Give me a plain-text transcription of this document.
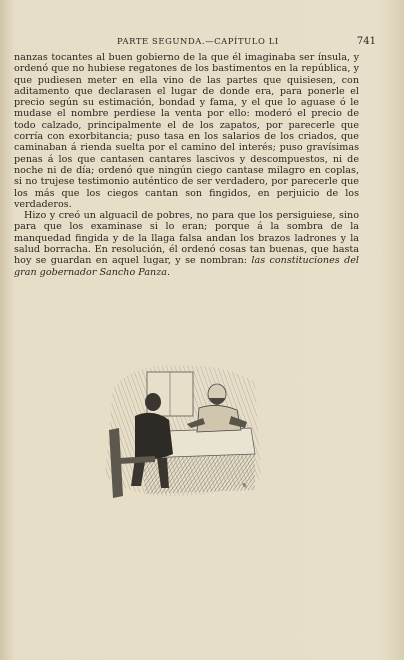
PARTE SEGUNDA.—CAPÍTULO LI	741

nanzas tocantes al buen gobierno de la que él imaginaba ser ínsula, y ordenó que no hubiese regatones de los bastimentos en la república, y que pudiesen meter en ella vino de las partes que quisiesen, con aditamento que declarasen el lugar de donde era, para ponerle el precio según su estimación, bondad y fama, y el que lo aguase ó le mudase el nombre perdiese la venta por ello: moderó el precio de todo calzado, principalmente el de los zapatos, por parecerle que corría con exorbitancia; puso tasa en los salarios de los criados, que caminaban á rienda suelta por el camino del interés; puso gravísimas penas á los que cantasen cantares lascivos y descompuestos, ni de noche ni de día; ordenó que ningún ciego cantase milagro en coplas, si no trujese testimonio auténtico de ser verdadero, por parecerle que los más que los ciegos cantan son fingidos, en perjuicio de los verdaderos.

Hizo y creó un alguacil de pobres, no para que los persiguiese, sino para que los examinase si lo eran; porque á la sombra de la manquedad fingida y de la llaga falsa andan los brazos ladrones y la salud borracha. En resolución, él ordenó cosas tan buenas, que hasta hoy se guardan en aquel lugar, y se nombran: las constituciones del gran gobernador Sancho Panza.

✎
